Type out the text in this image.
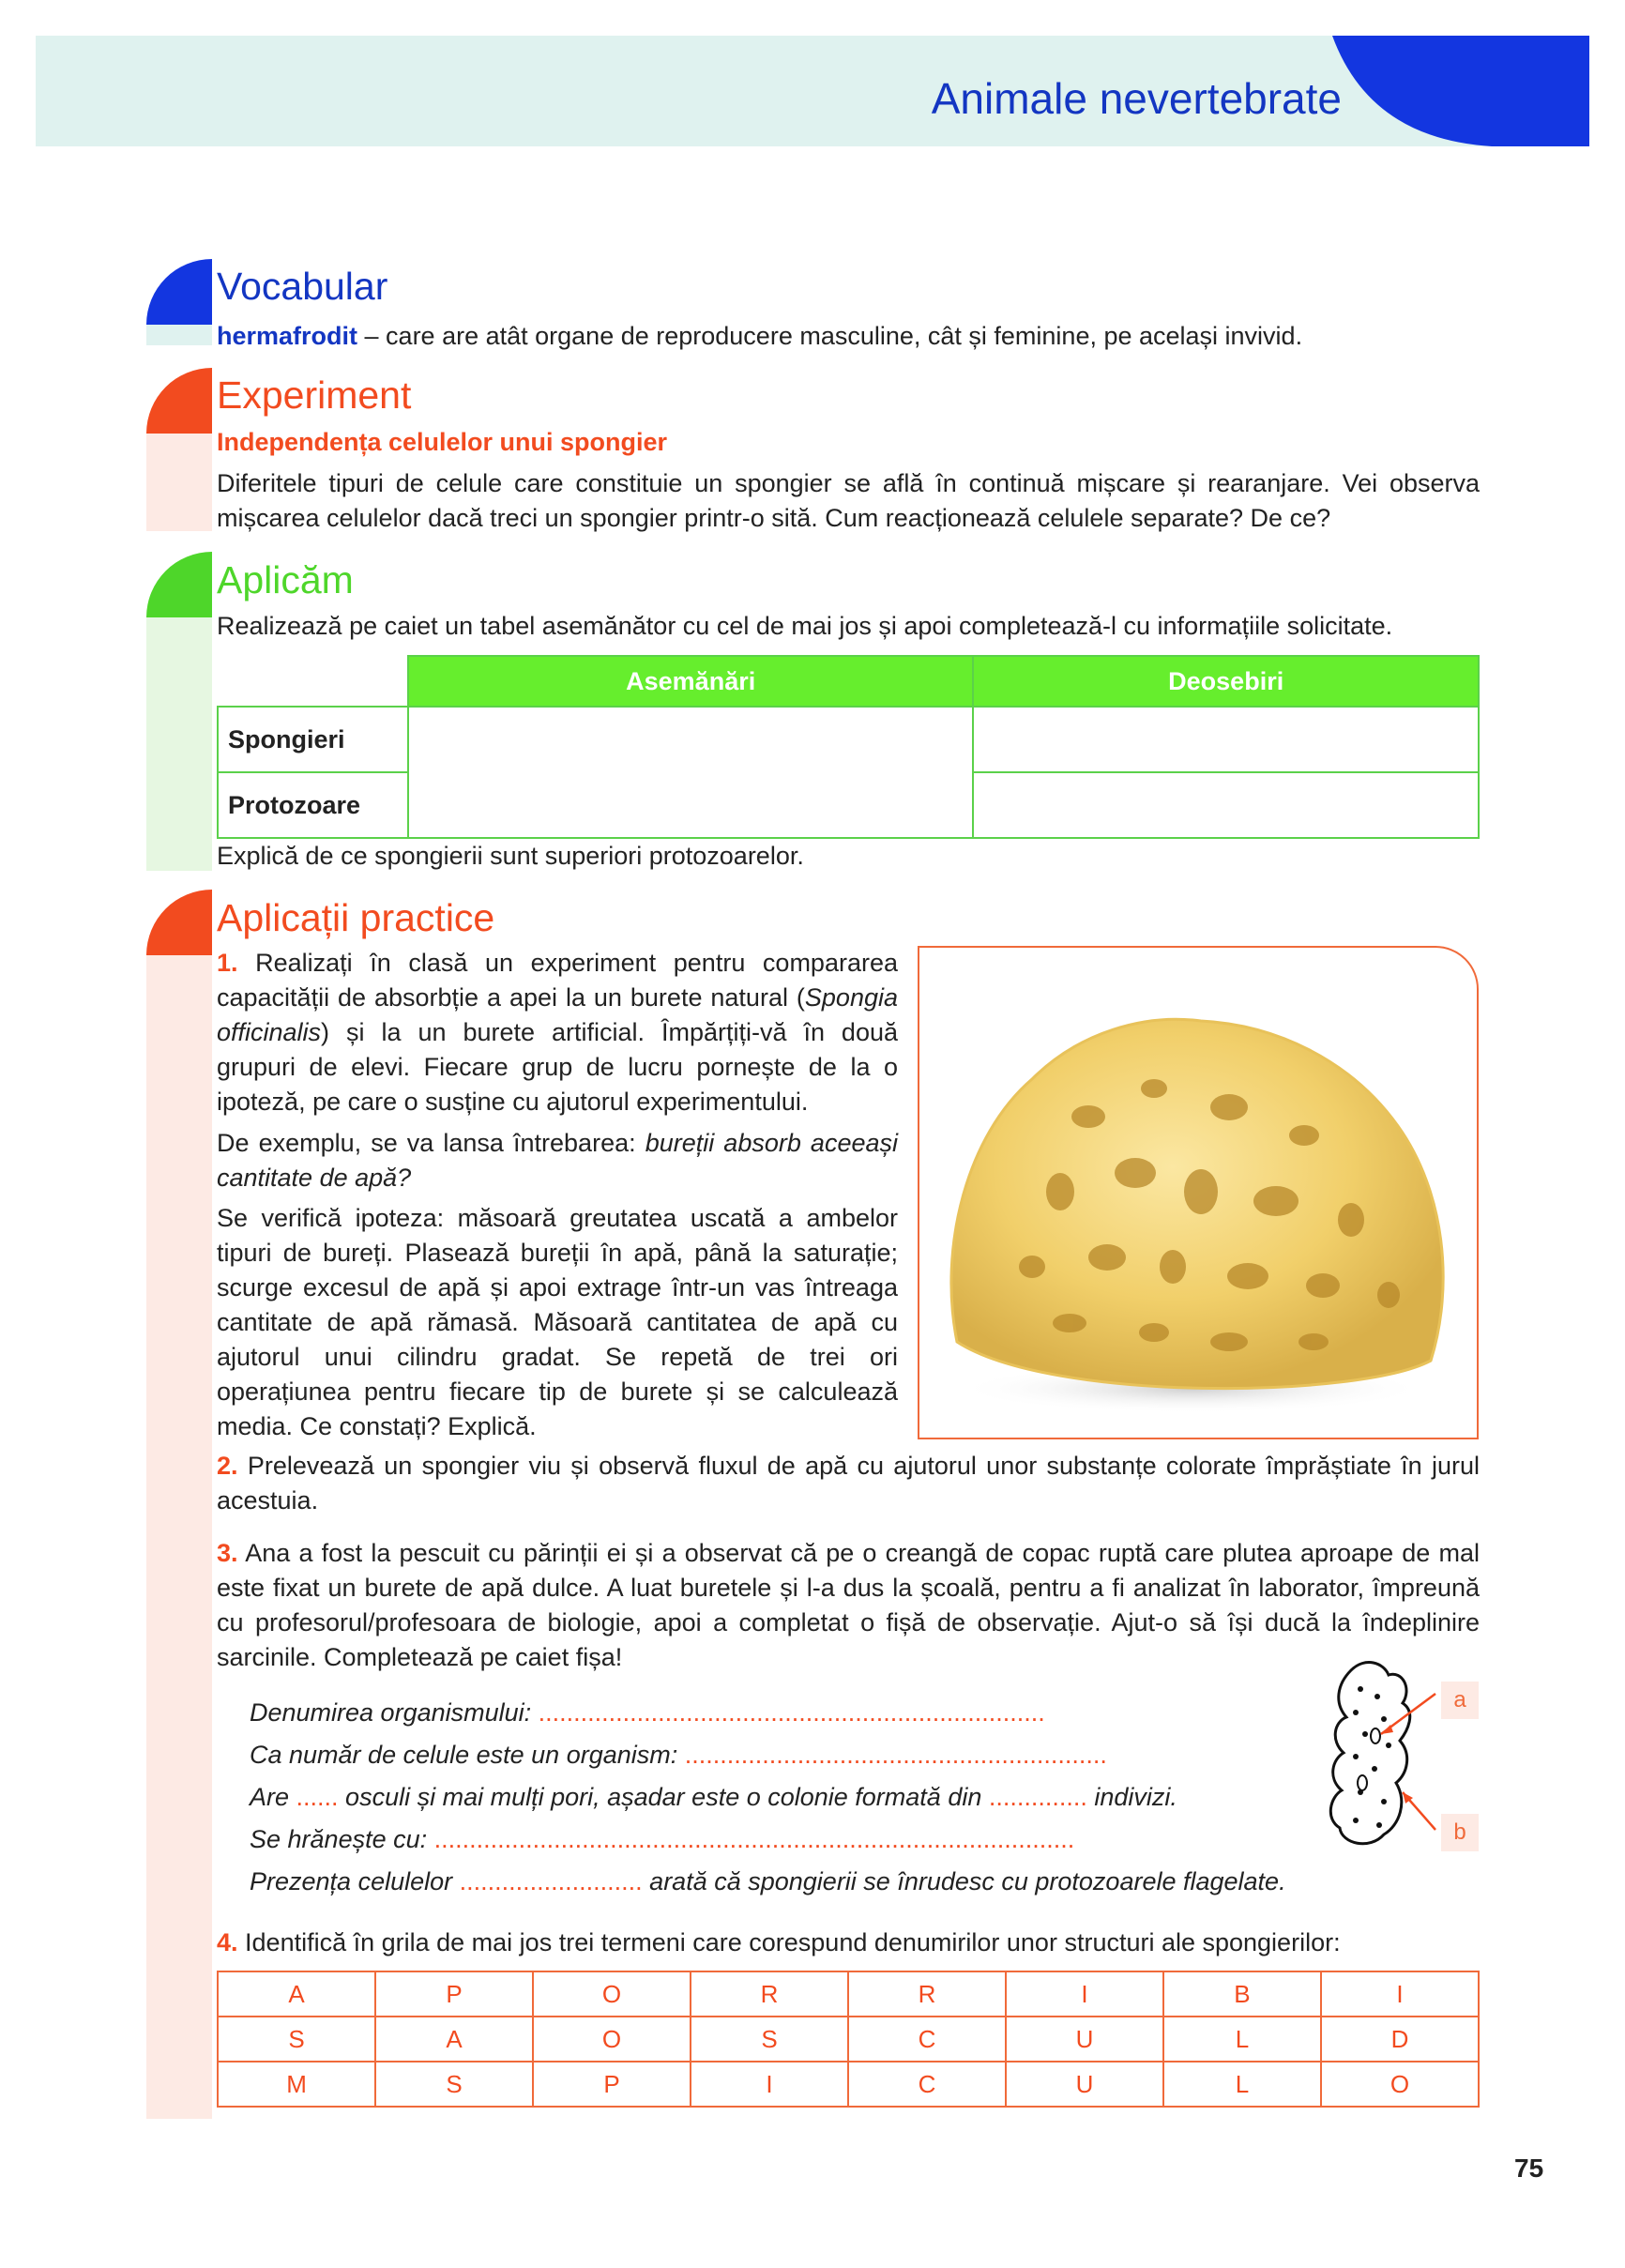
Animale nevertebrate
Vocabular
hermafrodit – care are atât organe de reproducere masculine, cât și feminine, pe același invivid.
Experiment
Independența celulelor unui spongier
Diferitele tipuri de celule care constituie un spongier se află în continuă mișcare și rearanjare. Vei observa mișcarea celulelor dacă treci un spongier printr-o sită. Cum reacționează celulele separate? De ce?
Aplicăm
Realizează pe caiet un tabel asemănător cu cel de mai jos și apoi completează-l cu informațiile solicitate.
	Asemănări	Deosebiri
Spongieri		
Protozoare		
Explică de ce spongierii sunt superiori protozoarelor.
Aplicații practice
1. Realizați în clasă un experiment pentru compararea capacității de absorbție a apei la un burete natural (Spongia officinalis) și la un burete artificial. Împărțiți-vă în două grupuri de elevi. Fiecare grup de lucru pornește de la o ipoteză, pe care o susține cu ajutorul experimentului.
De exemplu, se va lansa întrebarea: bureții absorb aceeași cantitate de apă?
Se verifică ipoteza: măsoară greutatea uscată a ambelor tipuri de bureți. Plasează bureții în apă, până la saturație; scurge excesul de apă și apoi extrage într-un vas întreaga cantitate de apă rămasă. Măsoară cantitatea de apă cu ajutorul unui cilindru gradat. Se repetă de trei ori operațiunea pentru fiecare tip de burete și se calculează media. Ce constați? Explică.
2. Prelevează un spongier viu și observă fluxul de apă cu ajutorul unor substanțe colorate împrăștiate în jurul acestuia.
3. Ana a fost la pescuit cu părinții ei și a observat că pe o creangă de copac ruptă care plutea aproape de mal este fixat un burete de apă dulce. A luat buretele și l-a dus la școală, pentru a fi analizat în laborator, împreună cu profesorul/profesoara de biologie, apoi a completat o fișă de observație. Ajut-o să își ducă la îndeplinire sarcinile. Completează pe caiet fișa!
Denumirea organismului: ........................................................................
Ca număr de celule este un organism: ............................................................
Are ...... osculi și mai mulți pori, așadar este o colonie formată din .............. indivizi.
Se hrănește cu: ...........................................................................................
Prezența celulelor .......................... arată că spongierii se înrudesc cu protozoarele flagelate.
a
b
4. Identifică în grila de mai jos trei termeni care corespund denumirilor unor structuri ale spongierilor:
A	P	O	R	R	I	B	I
S	A	O	S	C	U	L	D
M	S	P	I	C	U	L	O
75
